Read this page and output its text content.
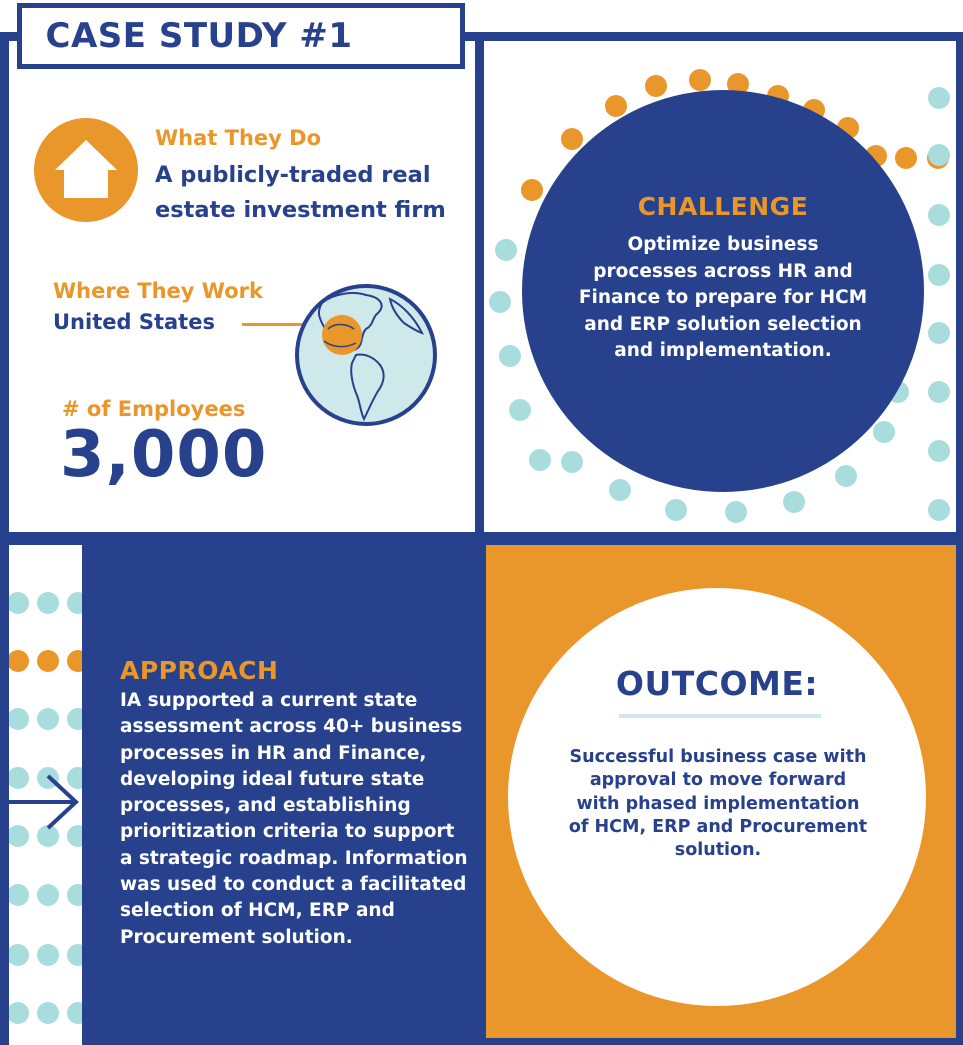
CASE STUDY #1
What They Do
A publicly-traded real estate investment firm
Where They Work
United States
# of Employees
3,000
CHALLENGE
Optimize business processes across HR and Finance to prepare for HCM and ERP solution selection and implementation.
APPROACH
IA supported a current state assessment across 40+ business processes in HR and Finance, developing ideal future state processes, and establishing prioritization criteria to support a strategic roadmap. Information was used to conduct a facilitated selection of HCM, ERP and Procurement solution.
OUTCOME:
Successful business case with approval to move forward with phased implementation of HCM, ERP and Procurement solution.
